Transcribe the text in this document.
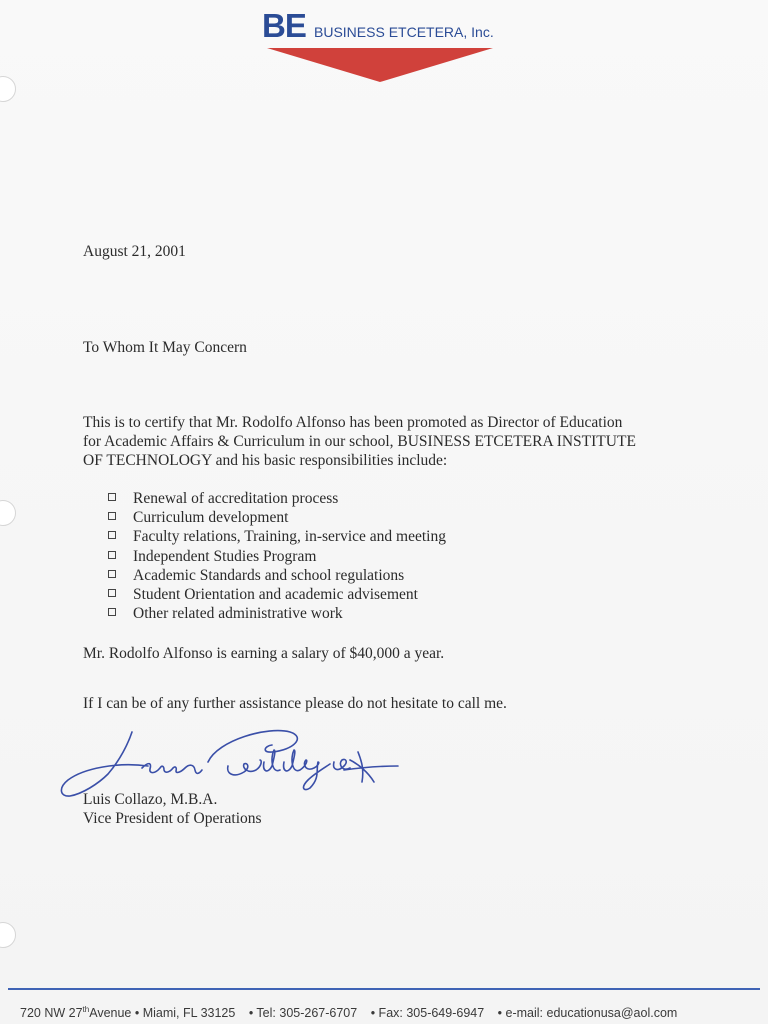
BE BUSINESS ETCETERA, Inc.
August 21, 2001
To Whom It May Concern
This is to certify that Mr. Rodolfo Alfonso has been promoted as Director of Education
for Academic Affairs & Curriculum in our school, BUSINESS ETCETERA INSTITUTE
OF TECHNOLOGY and his basic responsibilities include:
Renewal of accreditation process
Curriculum development
Faculty relations, Training, in-service and meeting
Independent Studies Program
Academic Standards and school regulations
Student Orientation and academic advisement
Other related administrative work
Mr. Rodolfo Alfonso is earning a salary of $40,000 a year.
If I can be of any further assistance please do not hesitate to call me.
Luis Collazo, M.B.A.
Vice President of Operations
720 NW 27thAvenue • Miami, FL 33125 • Tel: 305-267-6707 • Fax: 305-649-6947 • e-mail: educationusa@aol.com
